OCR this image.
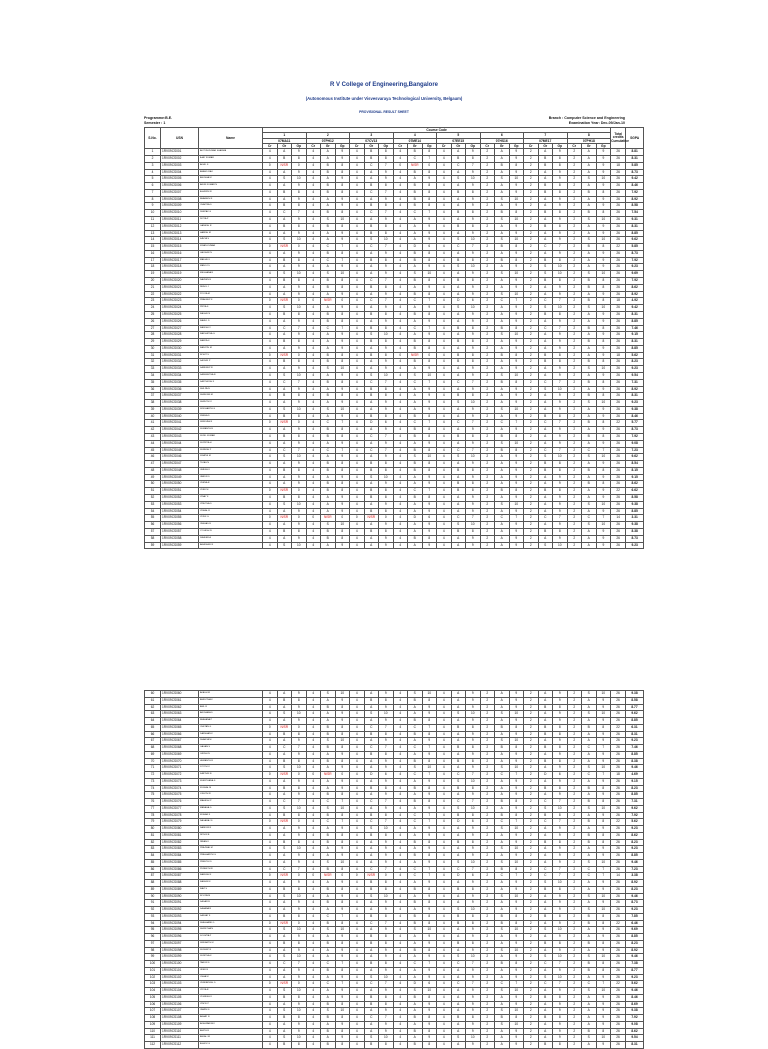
R V College of Engineering,Bangalore
(Autonomous Institute under Visvesvaraya Technological University, Belgaum)
PROVISIONAL RESULT SHEET
Programme:B.E.
Semester : 1
Branch : Computer Science and Engineering
Examination Year: Dec-09/Jan-10
S.No.	USN	Name	Course Code																								Total credits Cumulative	SGPA
			1			2			3			4			5			6			7			8				
			07MA11			07PH12			07CV13			07ME14			07EE15			07HS16			07ME17			07PH18				
			Cr	Gr	Gp	Cr	Gr	Gp	Cr	Gr	Gp	Cr	Gr	Gp	Cr	Gr	Gp	Cr	Gr	Gp	Cr	Gr	Gp	Cr	Gr	Gp		
1	1RV09CS001	ADITYA KUMAR SHARMA	4	A	9	4	A	9	4	B	8	4	B	8	4	A	9	2	A	9	2	A	9	2	A	9	26	8.81
2	1RV09CS002	AJAY KUMAR	4	B	8	4	A	9	4	B	8	4	C	7	4	B	8	2	A	9	2	B	8	2	A	9	26	8.31
3	1RV09CS003	AKHIL S	0	N/SR	0	4	B	8	4	C	7	0	N/SR	0	4	C	7	2	B	8	2	B	8	2	A	9	18	5.85
4	1RV09CS004	ANAND RAO	4	A	9	4	B	8	4	A	9	4	B	8	4	A	9	2	A	9	2	A	9	2	A	9	26	8.73
5	1RV09CS005	ANUSHA M	4	S	10	4	A	9	4	A	9	4	A	9	4	S	10	2	S	10	2	A	9	2	S	10	26	9.42
6	1RV09CS006	ARUN KUMAR N	4	A	9	4	B	8	4	B	8	4	B	8	4	A	9	2	A	9	2	B	8	2	A	9	26	8.46
7	1RV09CS007	ASHWINI R	4	B	8	4	B	8	4	C	7	4	B	8	4	B	8	2	A	9	2	B	8	2	B	8	26	7.92
8	1RV09CS008	BHARATH K	4	A	9	4	A	9	4	A	9	4	B	8	4	A	9	2	S	10	2	A	9	2	A	9	26	8.92
9	1RV09CS009	CHAITRA S	4	B	8	4	A	9	4	B	8	4	B	8	4	A	9	2	A	9	2	A	9	2	A	9	26	8.58
10	1RV09CS010	DEEPAK G	4	C	7	4	B	8	4	C	7	4	C	7	4	B	8	2	B	8	2	B	8	2	B	8	26	7.54
11	1RV09CS011	DIVYA P	4	A	9	4	S	10	4	A	9	4	A	9	4	A	9	2	S	10	2	A	9	2	S	10	26	9.31
12	1RV09CS012	GANESH R	4	B	8	4	B	8	4	B	8	4	A	9	4	B	8	2	A	9	2	B	8	2	A	9	26	8.31
13	1RV09CS013	HARISH M	4	A	9	4	A	9	4	B	8	4	A	9	4	A	9	2	A	9	2	A	9	2	A	9	26	8.85
14	1RV09CS014	KAVYA S	4	S	10	4	A	9	4	S	10	4	A	9	4	S	10	2	S	10	2	A	9	2	S	10	26	9.62
15	1RV09CS015	KIRAN KUMAR	0	N/SR	0	4	C	7	4	C	7	4	D	6	4	C	7	2	B	8	2	C	7	2	B	8	22	5.85
16	1RV09CS016	LAKSHMI N	4	A	9	4	B	8	4	A	9	4	B	8	4	A	9	2	A	9	2	A	9	2	A	9	26	8.73
17	1RV09CS017	MADHU K	4	B	8	4	C	7	4	B	8	4	B	8	4	B	8	2	B	8	2	B	8	2	A	9	26	7.92
18	1RV09CS018	MANOJ S	4	A	9	4	A	9	4	A	9	4	A	9	4	S	10	2	A	9	2	S	10	2	A	9	26	9.23
19	1RV09CS019	MEGHANA R	4	S	10	4	S	10	4	A	9	4	S	10	4	A	9	2	S	10	2	S	10	2	S	10	26	9.69
20	1RV09CS020	NAVEEN B	4	B	8	4	B	8	4	C	7	4	B	8	4	B	8	2	A	9	2	B	8	2	B	8	26	7.92
21	1RV09CS021	NIKHIL J	4	A	9	4	B	8	4	B	8	4	A	9	4	A	9	2	A	9	2	A	9	2	B	8	26	8.62
22	1RV09CS022	POOJA M	4	A	9	4	A	9	4	A	9	4	B	8	4	A	9	2	S	10	2	A	9	2	A	9	26	8.92
23	1RV09CS023	PRADEEP K	0	N/SR	0	0	N/SR	0	4	C	7	4	C	7	4	D	6	2	C	7	2	C	7	2	B	8	18	4.92
24	1RV09CS024	PRIYA S	4	S	10	4	A	9	4	A	9	4	A	9	4	S	10	2	A	9	2	S	10	2	S	10	26	9.42
25	1RV09CS025	RAGHU N	4	B	8	4	B	8	4	B	8	4	B	8	4	A	9	2	A	9	2	B	8	2	A	9	26	8.31
26	1RV09CS026	RAHUL D	4	A	9	4	B	8	4	A	9	4	A	9	4	A	9	2	A	9	2	A	9	2	A	9	26	8.85
27	1RV09CS027	RAJESH V	4	C	7	4	C	7	4	B	8	4	C	7	4	B	8	2	B	8	2	C	7	2	B	8	26	7.46
28	1RV09CS028	RAKSHITHA G	4	A	9	4	A	9	4	S	10	4	A	9	4	A	9	2	S	10	2	A	9	2	A	9	26	9.15
29	1RV09CS029	RAMYA K	4	B	8	4	A	9	4	B	8	4	B	8	4	B	8	2	A	9	2	A	9	2	B	8	26	8.31
30	1RV09CS030	RANJITH M	4	A	9	4	A	9	4	A	9	4	B	8	4	A	9	2	A	9	2	A	9	2	A	9	26	8.85
31	1RV09CS031	ROHIT S	0	N/SR	0	4	B	8	4	B	8	0	N/SR	0	4	B	8	2	B	8	2	B	8	2	A	9	18	5.62
32	1RV09CS032	SACHIN P	4	B	8	4	B	8	4	A	9	4	B	8	4	B	8	2	A	9	2	B	8	2	B	8	26	8.23
33	1RV09CS033	SANDEEP R	4	A	9	4	S	10	4	A	9	4	A	9	4	A	9	2	A	9	2	A	9	2	S	10	26	9.23
34	1RV09CS034	SANGEETHA B	4	S	10	4	A	9	4	S	10	4	S	10	4	A	9	2	S	10	2	A	9	2	A	9	26	9.54
35	1RV09CS035	SANTHOSH K	4	C	7	4	B	8	4	C	7	4	C	7	4	C	7	2	B	8	2	C	7	2	B	8	26	7.31
36	1RV09CS036	SHILPA N	4	A	9	4	A	9	4	B	8	4	A	9	4	A	9	2	A	9	2	S	10	2	A	9	26	8.92
37	1RV09CS037	SHREYAS M	4	B	8	4	B	8	4	B	8	4	A	9	4	B	8	2	A	9	2	A	9	2	B	8	26	8.31
38	1RV09CS038	SHRUTHI K	4	A	9	4	A	9	4	A	9	4	A	9	4	S	10	2	A	9	2	A	9	2	S	10	26	9.23
39	1RV09CS039	SIDDHARTH G	4	S	10	4	S	10	4	A	9	4	A	9	4	A	9	2	S	10	2	A	9	2	A	9	26	9.38
40	1RV09CS040	SNEHA D	4	B	8	4	A	9	4	B	8	4	B	8	4	A	9	2	A	9	2	B	8	2	A	9	26	8.46
41	1RV09CS041	SRINIVAS R	0	N/SR	0	4	C	7	4	D	6	4	C	7	4	C	7	2	C	7	2	C	7	2	B	8	22	5.77
42	1RV09CS042	SUMANTH B	4	A	9	4	B	8	4	A	9	4	B	8	4	A	9	2	A	9	2	A	9	2	A	9	26	8.73
43	1RV09CS043	SUNIL KUMAR	4	B	8	4	B	8	4	C	7	4	B	8	4	B	8	2	B	8	2	A	9	2	B	8	26	7.92
44	1RV09CS044	SUPRIYA H	4	A	9	4	A	9	4	A	9	4	A	9	4	A	9	2	S	10	2	A	9	2	A	9	26	9.08
45	1RV09CS045	SURESH P	4	C	7	4	C	7	4	C	7	4	B	8	4	C	7	2	B	8	2	C	7	2	C	7	26	7.23
46	1RV09CS046	SWATHI M	4	S	10	4	A	9	4	A	9	4	S	10	4	S	10	2	A	9	2	S	10	2	S	10	26	9.62
47	1RV09CS047	TEJAS N	4	A	9	4	B	8	4	B	8	4	B	8	4	A	9	2	A	9	2	B	8	2	A	9	26	8.54
48	1RV09CS048	UMESH K	4	B	8	4	B	8	4	B	8	4	B	8	4	B	8	2	A	9	2	B	8	2	B	8	26	8.15
49	1RV09CS049	VARUN S	4	A	9	4	A	9	4	S	10	4	A	9	4	A	9	2	A	9	2	A	9	2	A	9	26	9.15
50	1RV09CS050	VEENA R	4	A	9	4	B	8	4	A	9	4	A	9	4	B	8	2	A	9	2	A	9	2	B	8	26	8.62
51	1RV09CS051	VIJAY M	0	N/SR	0	4	B	8	4	B	8	4	C	7	4	B	8	2	B	8	2	B	8	2	A	9	22	6.62
52	1RV09CS052	VINAY K	4	B	8	4	A	9	4	B	8	4	B	8	4	A	9	2	A	9	2	A	9	2	A	9	26	8.58
53	1RV09CS053	VINUTHA S	4	S	10	4	A	9	4	A	9	4	A	9	4	A	9	2	S	10	2	A	9	2	S	10	26	9.38
54	1RV09CS054	VISHAL R	4	A	9	4	A	9	4	B	8	4	A	9	4	A	9	2	A	9	2	A	9	2	A	9	26	8.85
55	1RV09CS055	VIVEK G	0	N/SR	0	0	N/SR	0	0	N/SR	0	4	D	6	4	C	7	2	C	7	2	C	7	2	C	7	14	3.31
56	1RV09CS056	YASHAS B	4	A	9	4	S	10	4	A	9	4	A	9	4	S	10	2	A	9	2	A	9	2	S	10	26	9.38
57	1RV09CS057	YOGESH N	4	B	8	4	B	8	4	B	8	4	A	9	4	B	8	2	A	9	2	B	8	2	A	9	26	8.38
58	1RV09CS058	ZAHEER A	4	A	9	4	B	8	4	A	9	4	B	8	4	A	9	2	A	9	2	A	9	2	A	9	26	8.73
59	1RV09CS059	ABHISHEK R	4	S	10	4	A	9	4	A	9	4	A	9	4	A	9	2	A	9	2	S	10	2	A	9	26	9.23
60	1RV09CS060	AKASH M	4	A	9	4	S	10	4	A	9	4	S	10	4	A	9	2	A	9	2	A	9	2	S	10	26	9.38
61	1RV09CS061	AMRUTHA K	4	B	8	4	A	9	4	B	8	4	B	8	4	A	9	2	A	9	2	A	9	2	A	9	26	8.58
62	1RV09CS062	ANIL R	4	A	9	4	B	8	4	A	9	4	A	9	4	A	9	2	A	9	2	B	8	2	A	9	26	8.77
63	1RV09CS063	ARCHANA S	4	S	10	4	A	9	4	S	10	4	A	9	4	S	10	2	S	10	2	A	9	2	S	10	26	9.62
64	1RV09CS064	BHAVANA P	4	A	9	4	A	9	4	A	9	4	B	8	4	A	9	2	A	9	2	A	9	2	A	9	26	8.85
65	1RV09CS065	CHETAN G	0	N/SR	0	4	B	8	4	C	7	4	C	7	4	B	8	2	B	8	2	B	8	2	B	8	22	6.31
66	1RV09CS066	DARSHAN K	4	B	8	4	B	8	4	B	8	4	B	8	4	A	9	2	A	9	2	B	8	2	A	9	26	8.31
67	1RV09CS067	DHANYA M	4	A	9	4	S	10	4	A	9	4	A	9	4	A	9	2	S	10	2	A	9	2	A	9	26	9.23
68	1RV09CS068	GAGAN S	4	C	7	4	B	8	4	C	7	4	C	7	4	B	8	2	B	8	2	B	8	2	C	7	26	7.46
69	1RV09CS069	GIRISH N	4	A	9	4	A	9	4	B	8	4	A	9	4	A	9	2	A	9	2	A	9	2	A	9	26	8.85
70	1RV09CS070	HEMANTH R	4	B	8	4	B	8	4	A	9	4	B	8	4	B	8	2	A	9	2	B	8	2	A	9	26	8.38
71	1RV09CS071	JYOTHI K	4	S	10	4	A	9	4	A	9	4	S	10	4	A	9	2	S	10	2	A	9	2	S	10	26	9.46
72	1RV09CS072	KARTHIK B	0	N/SR	0	0	N/SR	0	4	D	6	4	C	7	4	C	7	2	C	7	2	D	6	2	C	7	18	4.69
73	1RV09CS073	KEERTHANA S	4	A	9	4	A	9	4	A	9	4	A	9	4	S	10	2	A	9	2	A	9	2	A	9	26	9.15
74	1RV09CS074	KUSHAL M	4	B	8	4	A	9	4	B	8	4	B	8	4	B	8	2	A	9	2	B	8	2	B	8	26	8.23
75	1RV09CS075	LIKHITH R	4	A	9	4	B	8	4	A	9	4	A	9	4	A	9	2	A	9	2	A	9	2	A	9	26	8.85
76	1RV09CS076	MAHESH P	4	C	7	4	C	7	4	C	7	4	B	8	4	C	7	2	B	8	2	C	7	2	B	8	26	7.31
77	1RV09CS077	MANASA G	4	S	10	4	S	10	4	A	9	4	A	9	4	S	10	2	A	9	2	S	10	2	S	10	26	9.62
78	1RV09CS078	MOHAN K	4	B	8	4	B	8	4	B	8	4	C	7	4	B	8	2	B	8	2	B	8	2	A	9	26	7.92
79	1RV09CS079	NAGARAJ S	0	N/SR	0	4	C	7	4	C	7	4	C	7	4	D	6	2	C	7	2	C	7	2	B	8	22	5.62
80	1RV09CS080	NANDINI R	4	A	9	4	A	9	4	S	10	4	A	9	4	A	9	2	S	10	2	A	9	2	A	9	26	9.23
81	1RV09CS081	NITHIN B	4	A	9	4	B	8	4	B	8	4	A	9	4	A	9	2	A	9	2	A	9	2	B	8	26	8.62
82	1RV09CS082	PAVAN K	4	B	8	4	B	8	4	A	9	4	B	8	4	B	8	2	A	9	2	B	8	2	B	8	26	8.23
83	1RV09CS083	PRAJWAL M	4	S	10	4	A	9	4	A	9	4	A	9	4	A	9	2	S	10	2	A	9	2	A	9	26	9.23
84	1RV09CS084	PRASHANTH G	4	A	9	4	A	9	4	A	9	4	B	8	4	A	9	2	A	9	2	A	9	2	A	9	26	8.85
85	1RV09CS085	PREETHI S	4	A	9	4	S	10	4	A	9	4	A	9	4	S	10	2	S	10	2	A	9	2	S	10	26	9.46
86	1RV09CS086	PUNEETH R	4	C	7	4	B	8	4	C	7	4	C	7	4	C	7	2	B	8	2	C	7	2	C	7	26	7.23
87	1RV09CS087	RAKESH N	0	N/SR	0	0	N/SR	0	0	N/SR	0	4	C	7	4	D	6	2	C	7	2	C	7	2	C	7	14	3.38
88	1RV09CS088	RASHMI K	4	A	9	4	A	9	4	B	8	4	A	9	4	A	9	2	A	9	2	S	10	2	A	9	26	8.92
89	1RV09CS089	RAVI S	4	B	8	4	B	8	4	B	8	4	B	8	4	B	8	2	A	9	2	B	8	2	A	9	26	8.23
90	1RV09CS090	ROOPA M	4	S	10	4	A	9	4	S	10	4	A	9	4	A	9	2	S	10	2	A	9	2	S	10	26	9.46
91	1RV09CS091	SAGAR B	4	A	9	4	B	8	4	A	9	4	B	8	4	A	9	2	A	9	2	A	9	2	A	9	26	8.73
92	1RV09CS092	SAHANA R	4	A	9	4	A	9	4	A	9	4	A	9	4	S	10	2	A	9	2	A	9	2	S	10	26	9.23
93	1RV09CS093	SANJAY K	4	B	8	4	C	7	4	B	8	4	B	8	4	B	8	2	B	8	2	B	8	2	B	8	26	7.85
94	1RV09CS094	SHASHANK G	0	N/SR	0	4	B	8	4	C	7	4	B	8	4	B	8	2	B	8	2	A	9	2	B	8	22	6.46
95	1RV09CS095	SHWETHA N	4	S	10	4	S	10	4	A	9	4	S	10	4	A	9	2	S	10	2	S	10	2	A	9	26	9.69
96	1RV09CS096	SOUMYA P	4	A	9	4	A	9	4	B	8	4	A	9	4	A	9	2	A	9	2	A	9	2	A	9	26	8.85
97	1RV09CS097	SRIKANTH M	4	B	8	4	B	8	4	B	8	4	A	9	4	B	8	2	A	9	2	B	8	2	B	8	26	8.23
98	1RV09CS098	SUDEEP R	4	A	9	4	A	9	4	A	9	4	B	8	4	A	9	2	S	10	2	A	9	2	A	9	26	8.92
99	1RV09CS099	SUNITHA K	4	S	10	4	A	9	4	A	9	4	A	9	4	S	10	2	A	9	2	S	10	2	S	10	26	9.46
100	1RV09CS100	TARUN S	4	C	7	4	C	7	4	B	8	4	C	7	4	C	7	2	B	8	2	C	7	2	B	8	26	7.38
101	1RV09CS101	UDAY B	4	A	9	4	B	8	4	A	9	4	A	9	4	A	9	2	A	9	2	A	9	2	B	8	26	8.77
102	1RV09CS102	USHA M	4	A	9	4	A	9	4	S	10	4	A	9	4	A	9	2	A	9	2	S	10	2	A	9	26	9.23
103	1RV09CS103	VENKATESH G	0	N/SR	0	4	C	7	4	C	7	4	D	6	4	C	7	2	C	7	2	C	7	2	C	7	22	5.62
104	1RV09CS104	VIDYA R	4	S	10	4	A	9	4	A	9	4	S	10	4	A	9	2	S	10	2	A	9	2	S	10	26	9.46
105	1RV09CS105	VIGNESH K	4	B	8	4	A	9	4	B	8	4	B	8	4	A	9	2	A	9	2	B	8	2	A	9	26	8.46
106	1RV09CS106	VINOD P	4	A	9	4	B	8	4	B	8	4	A	9	4	A	9	2	A	9	2	A	9	2	A	9	26	8.69
107	1RV09CS107	YAMINI S	4	S	10	4	S	10	4	A	9	4	A	9	4	A	9	2	S	10	2	A	9	2	A	9	26	9.38
108	1RV09CS108	ABHAY N	4	B	8	4	B	8	4	C	7	4	B	8	4	B	8	2	B	8	2	B	8	2	A	9	26	7.92
109	1RV09CS109	AISHWARYA K	4	A	9	4	A	9	4	A	9	4	A	9	4	A	9	2	S	10	2	A	9	2	A	9	26	9.08
110	1RV09CS110	AMITH R	4	A	9	4	B	8	4	A	9	4	B	8	4	A	9	2	A	9	2	A	9	2	B	8	26	8.62
111	1RV09CS111	ANJALI M	4	S	10	4	A	9	4	S	10	4	A	9	4	S	10	2	A	9	2	A	9	2	S	10	26	9.54
112	1RV09CS112	ASHOK G	4	B	8	4	B	8	4	B	8	4	B	8	4	A	9	2	A	9	2	B	8	2	A	9	26	8.31
